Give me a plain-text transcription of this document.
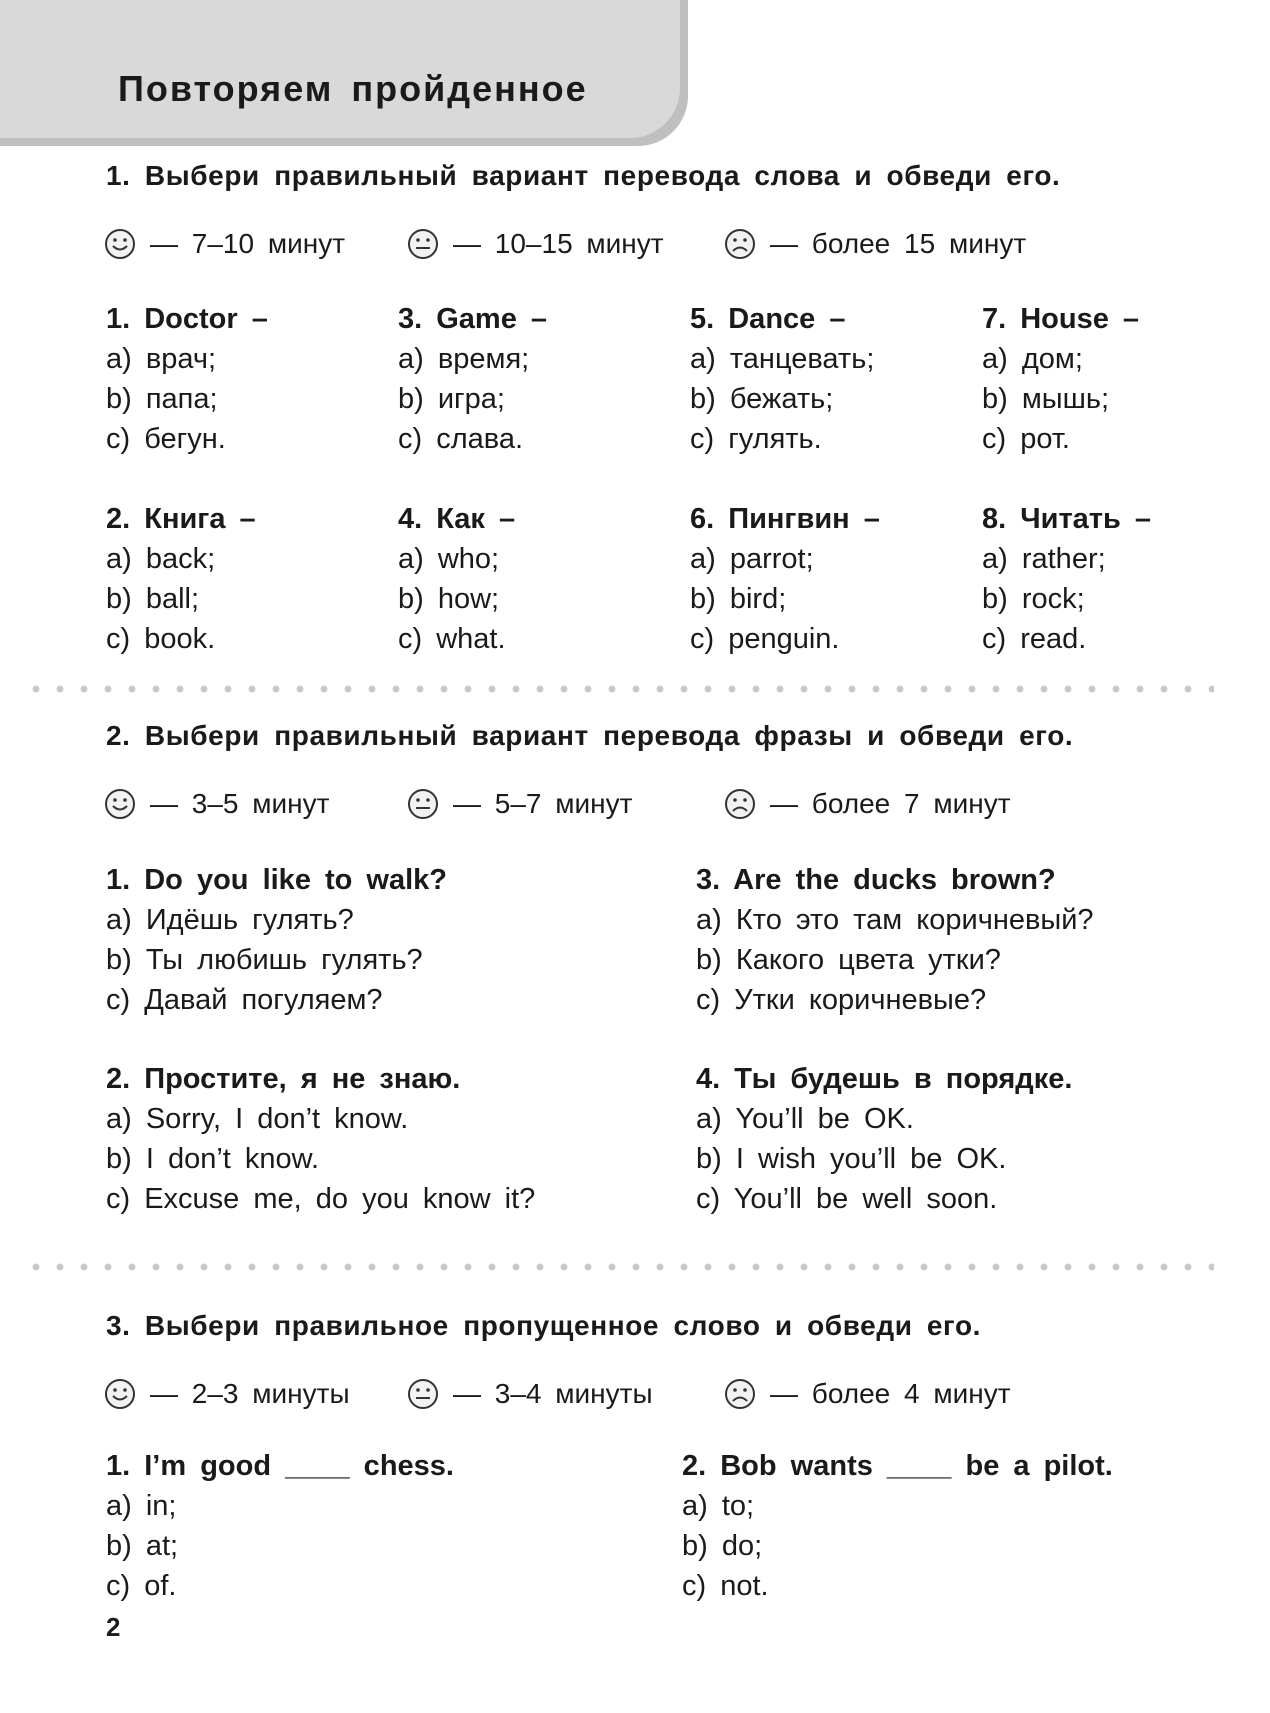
Повторяем пройденное
1. Выбери правильный вариант перевода слова и обведи его.
— 7–10 минут	— 10–15 минут	— более 15 минут
1. Doctor –
a) врач;
b) папа;
c) бегун.
3. Game –
a) время;
b) игра;
c) слава.
5. Dance –
a) танцевать;
b) бежать;
c) гулять.
7. House –
a) дом;
b) мышь;
c) рот.
2. Книга –
a) back;
b) ball;
c) book.
4. Как –
a) who;
b) how;
c) what.
6. Пингвин –
a) parrot;
b) bird;
c) penguin.
8. Читать –
a) rather;
b) rock;
c) read.
2. Выбери правильный вариант перевода фразы и обведи его.
— 3–5 минут	— 5–7 минут	— более 7 минут
1. Do you like to walk?
a) Идёшь гулять?
b) Ты любишь гулять?
c) Давай погуляем?
3. Are the ducks brown?
a) Кто это там коричневый?
b) Какого цвета утки?
c) Утки коричневые?
2. Простите, я не знаю.
a) Sorry, I don’t know.
b) I don’t know.
c) Excuse me, do you know it?
4. Ты будешь в порядке.
a) You’ll be OK.
b) I wish you’ll be OK.
c) You’ll be well soon.
3. Выбери правильное пропущенное слово и обведи его.
— 2–3 минуты	— 3–4 минуты	— более 4 минут
1. I’m good ____ chess.
a) in;
b) at;
c) of.
2. Bob wants ____ be a pilot.
a) to;
b) do;
c) not.
2
